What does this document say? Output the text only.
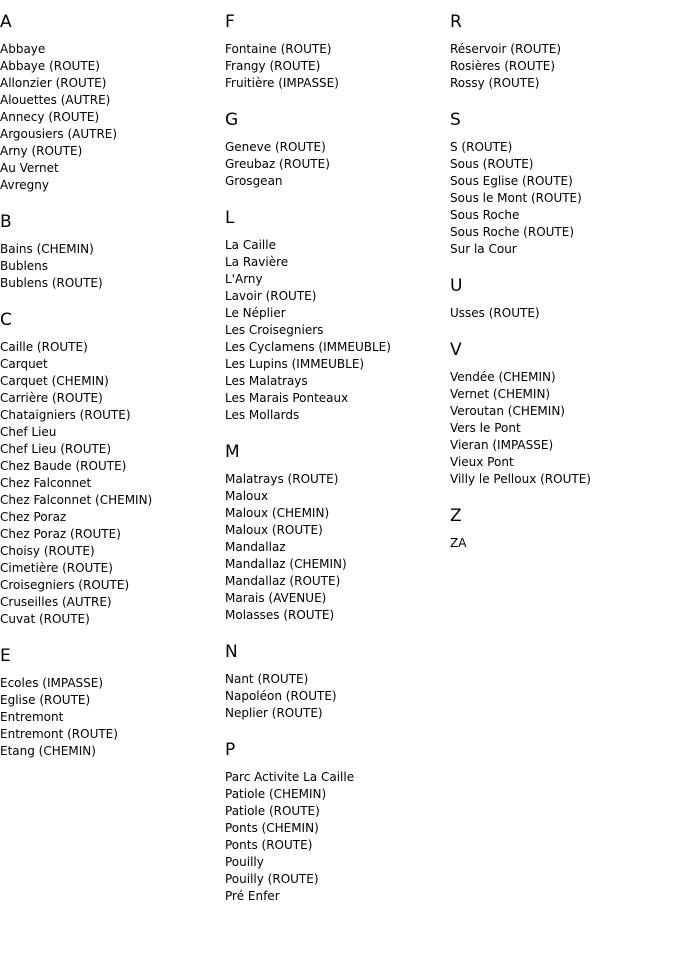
A
Abbaye
Abbaye (ROUTE)
Allonzier (ROUTE)
Alouettes (AUTRE)
Annecy (ROUTE)
Argousiers (AUTRE)
Arny (ROUTE)
Au Vernet
Avregny
B
Bains (CHEMIN)
Bublens
Bublens (ROUTE)
C
Caille (ROUTE)
Carquet
Carquet (CHEMIN)
Carrière (ROUTE)
Chataigniers (ROUTE)
Chef Lieu
Chef Lieu (ROUTE)
Chez Baude (ROUTE)
Chez Falconnet
Chez Falconnet (CHEMIN)
Chez Poraz
Chez Poraz (ROUTE)
Choisy (ROUTE)
Cimetière (ROUTE)
Croisegniers (ROUTE)
Cruseilles (AUTRE)
Cuvat (ROUTE)
E
Ecoles (IMPASSE)
Eglise (ROUTE)
Entremont
Entremont (ROUTE)
Etang (CHEMIN)
F
Fontaine (ROUTE)
Frangy (ROUTE)
Fruitière (IMPASSE)
G
Geneve (ROUTE)
Greubaz (ROUTE)
Grosgean
L
La Caille
La Ravière
L'Arny
Lavoir (ROUTE)
Le Néplier
Les Croisegniers
Les Cyclamens (IMMEUBLE)
Les Lupins (IMMEUBLE)
Les Malatrays
Les Marais Ponteaux
Les Mollards
M
Malatrays (ROUTE)
Maloux
Maloux (CHEMIN)
Maloux (ROUTE)
Mandallaz
Mandallaz (CHEMIN)
Mandallaz (ROUTE)
Marais (AVENUE)
Molasses (ROUTE)
N
Nant (ROUTE)
Napoléon (ROUTE)
Neplier (ROUTE)
P
Parc Activite La Caille
Patiole (CHEMIN)
Patiole (ROUTE)
Ponts (CHEMIN)
Ponts (ROUTE)
Pouilly
Pouilly (ROUTE)
Pré Enfer
R
Réservoir (ROUTE)
Rosières (ROUTE)
Rossy (ROUTE)
S
S (ROUTE)
Sous (ROUTE)
Sous Eglise (ROUTE)
Sous le Mont (ROUTE)
Sous Roche
Sous Roche (ROUTE)
Sur la Cour
U
Usses (ROUTE)
V
Vendée (CHEMIN)
Vernet (CHEMIN)
Veroutan (CHEMIN)
Vers le Pont
Vieran (IMPASSE)
Vieux Pont
Villy le Pelloux (ROUTE)
Z
ZA
